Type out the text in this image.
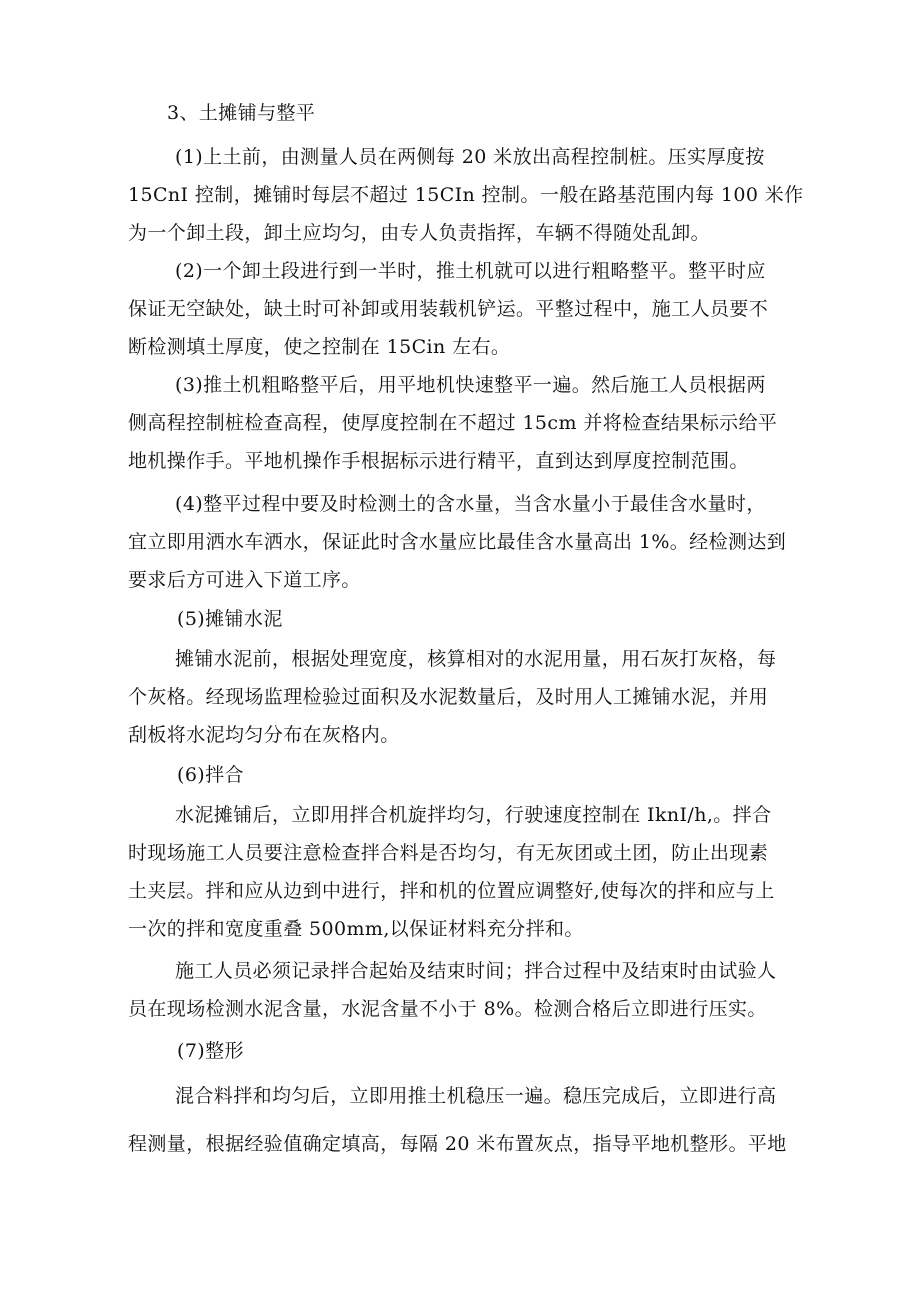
3、土摊铺与整平
(1)上土前，由测量人员在两侧每 20 米放出高程控制桩。压实厚度按
15CnI 控制，摊铺时每层不超过 15CIn 控制。一般在路基范围内每 100 米作
为一个卸土段，卸土应均匀，由专人负责指挥，车辆不得随处乱卸。
(2)一个卸土段进行到一半时，推土机就可以进行粗略整平。整平时应
保证无空缺处，缺土时可补卸或用装载机铲运。平整过程中，施工人员要不
断检测填土厚度，使之控制在 15Cin 左右。
(3)推土机粗略整平后，用平地机快速整平一遍。然后施工人员根据两
侧高程控制桩检查高程，使厚度控制在不超过 15cm 并将检查结果标示给平
地机操作手。平地机操作手根据标示进行精平，直到达到厚度控制范围。
(4)整平过程中要及时检测土的含水量，当含水量小于最佳含水量时，
宜立即用洒水车洒水，保证此时含水量应比最佳含水量高出 1%。经检测达到
要求后方可进入下道工序。
(5)摊铺水泥
摊铺水泥前，根据处理宽度，核算相对的水泥用量，用石灰打灰格，每
个灰格。经现场监理检验过面积及水泥数量后，及时用人工摊铺水泥，并用
刮板将水泥均匀分布在灰格内。
(6)拌合
水泥摊铺后，立即用拌合机旋拌均匀，行驶速度控制在 IknI/h,。拌合
时现场施工人员要注意检查拌合料是否均匀，有无灰团或土团，防止出现素
土夹层。拌和应从边到中进行，拌和机的位置应调整好,使每次的拌和应与上
一次的拌和宽度重叠 500mm,以保证材料充分拌和。
施工人员必须记录拌合起始及结束时间；拌合过程中及结束时由试验人
员在现场检测水泥含量，水泥含量不小于 8%。检测合格后立即进行压实。
(7)整形
混合料拌和均匀后，立即用推土机稳压一遍。稳压完成后，立即进行高
程测量，根据经验值确定填高，每隔 20 米布置灰点，指导平地机整形。平地
